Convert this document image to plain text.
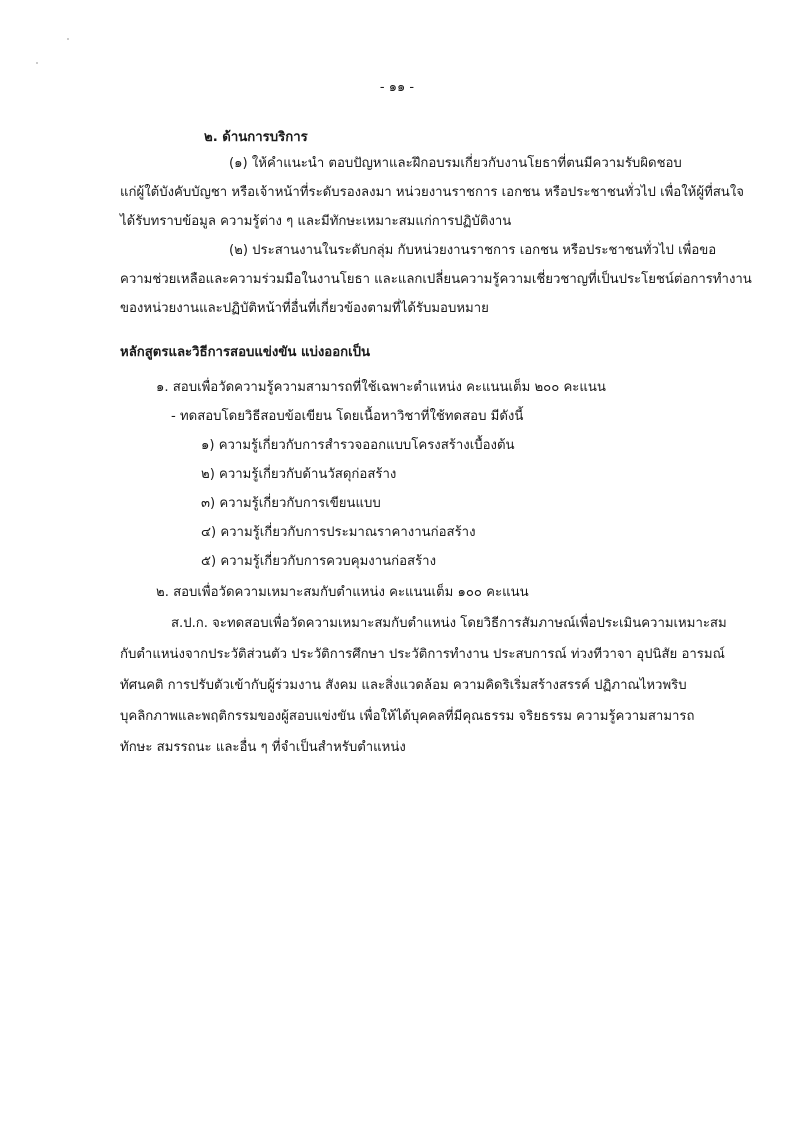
- ๑๑ -
๒. ด้านการบริการ
(๑) ให้คำแนะนำ ตอบปัญหาและฝึกอบรมเกี่ยวกับงานโยธาที่ตนมีความรับผิดชอบ
แก่ผู้ใต้บังคับบัญชา หรือเจ้าหน้าที่ระดับรองลงมา หน่วยงานราชการ เอกชน หรือประชาชนทั่วไป เพื่อให้ผู้ที่สนใจ
ได้รับทราบข้อมูล ความรู้ต่าง ๆ และมีทักษะเหมาะสมแก่การปฏิบัติงาน
(๒) ประสานงานในระดับกลุ่ม กับหน่วยงานราชการ เอกชน หรือประชาชนทั่วไป เพื่อขอ
ความช่วยเหลือและความร่วมมือในงานโยธา และแลกเปลี่ยนความรู้ความเชี่ยวชาญที่เป็นประโยชน์ต่อการทำงาน
ของหน่วยงานและปฏิบัติหน้าที่อื่นที่เกี่ยวข้องตามที่ได้รับมอบหมาย
หลักสูตรและวิธีการสอบแข่งขัน แบ่งออกเป็น
๑. สอบเพื่อวัดความรู้ความสามารถที่ใช้เฉพาะตำแหน่ง คะแนนเต็ม ๒๐๐ คะแนน
- ทดสอบโดยวิธีสอบข้อเขียน โดยเนื้อหาวิชาที่ใช้ทดสอบ มีดังนี้
๑) ความรู้เกี่ยวกับการสำรวจออกแบบโครงสร้างเบื้องต้น
๒) ความรู้เกี่ยวกับด้านวัสดุก่อสร้าง
๓) ความรู้เกี่ยวกับการเขียนแบบ
๔) ความรู้เกี่ยวกับการประมาณราคางานก่อสร้าง
๕) ความรู้เกี่ยวกับการควบคุมงานก่อสร้าง
๒. สอบเพื่อวัดความเหมาะสมกับตำแหน่ง คะแนนเต็ม ๑๐๐ คะแนน
ส.ป.ก. จะทดสอบเพื่อวัดความเหมาะสมกับตำแหน่ง โดยวิธีการสัมภาษณ์เพื่อประเมินความเหมาะสม
กับตำแหน่งจากประวัติส่วนตัว ประวัติการศึกษา ประวัติการทำงาน ประสบการณ์ ท่วงทีวาจา อุปนิสัย อารมณ์
ทัศนคติ การปรับตัวเข้ากับผู้ร่วมงาน สังคม และสิ่งแวดล้อม ความคิดริเริ่มสร้างสรรค์ ปฏิภาณไหวพริบ
บุคลิกภาพและพฤติกรรมของผู้สอบแข่งขัน เพื่อให้ได้บุคคลที่มีคุณธรรม จริยธรรม ความรู้ความสามารถ
ทักษะ สมรรถนะ และอื่น ๆ ที่จำเป็นสำหรับตำแหน่ง
